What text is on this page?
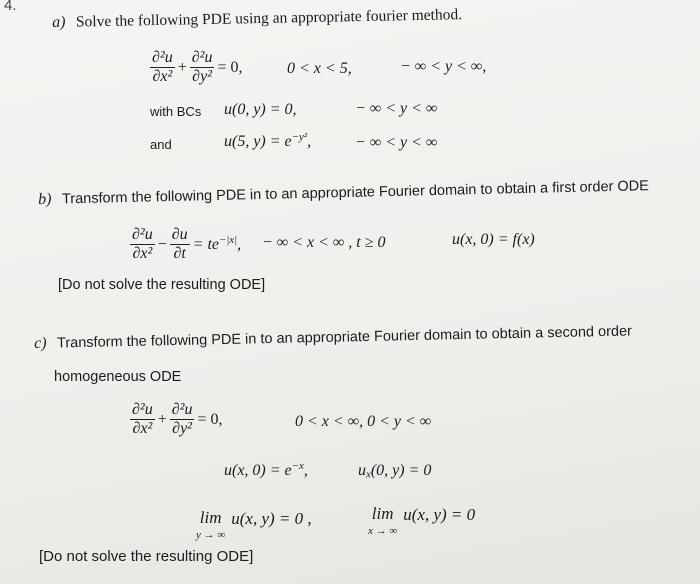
4.
a) Solve the following PDE using an appropriate fourier method.
$\frac{\text{∂²u}}{\text{∂x²}} + \frac{\text{∂²u}}{\text{∂y²}} = 0$,	0 < x < 5,	− ∞ < y < ∞,
with BCs u(0, y) = 0,	− ∞ < y < ∞
and	u(5, $y) = e^{-y^2}$,	− ∞ < y < ∞
b) Transform the following PDE in to an appropriate Fourier domain to obtain a first order ODE
$\frac{\text{∂²u}}{\text{∂x²}} - \frac{\partial u}{\partial t} = te^{-|x|}$, − ∞ < x < ∞ , t ≥ 0	u(x, 0) = f(x)
[Do not solve the resulting ODE]
c) Transform the following PDE in to an appropriate Fourier domain to obtain a second order
homogeneous ODE
$\frac{\text{∂²u}}{\text{∂x²}} + \frac{\text{∂²u}}{\text{∂y²}} = 0$,	0 < x < ∞, 0 < y < ∞
u(x, $0) = e^{-x}$,	$u_x(0$, y) = 0
lim
y → ∞
u(x, y) = 0 ,	lim
x → ∞
u(x, y) = 0
[Do not solve the resulting ODE]
